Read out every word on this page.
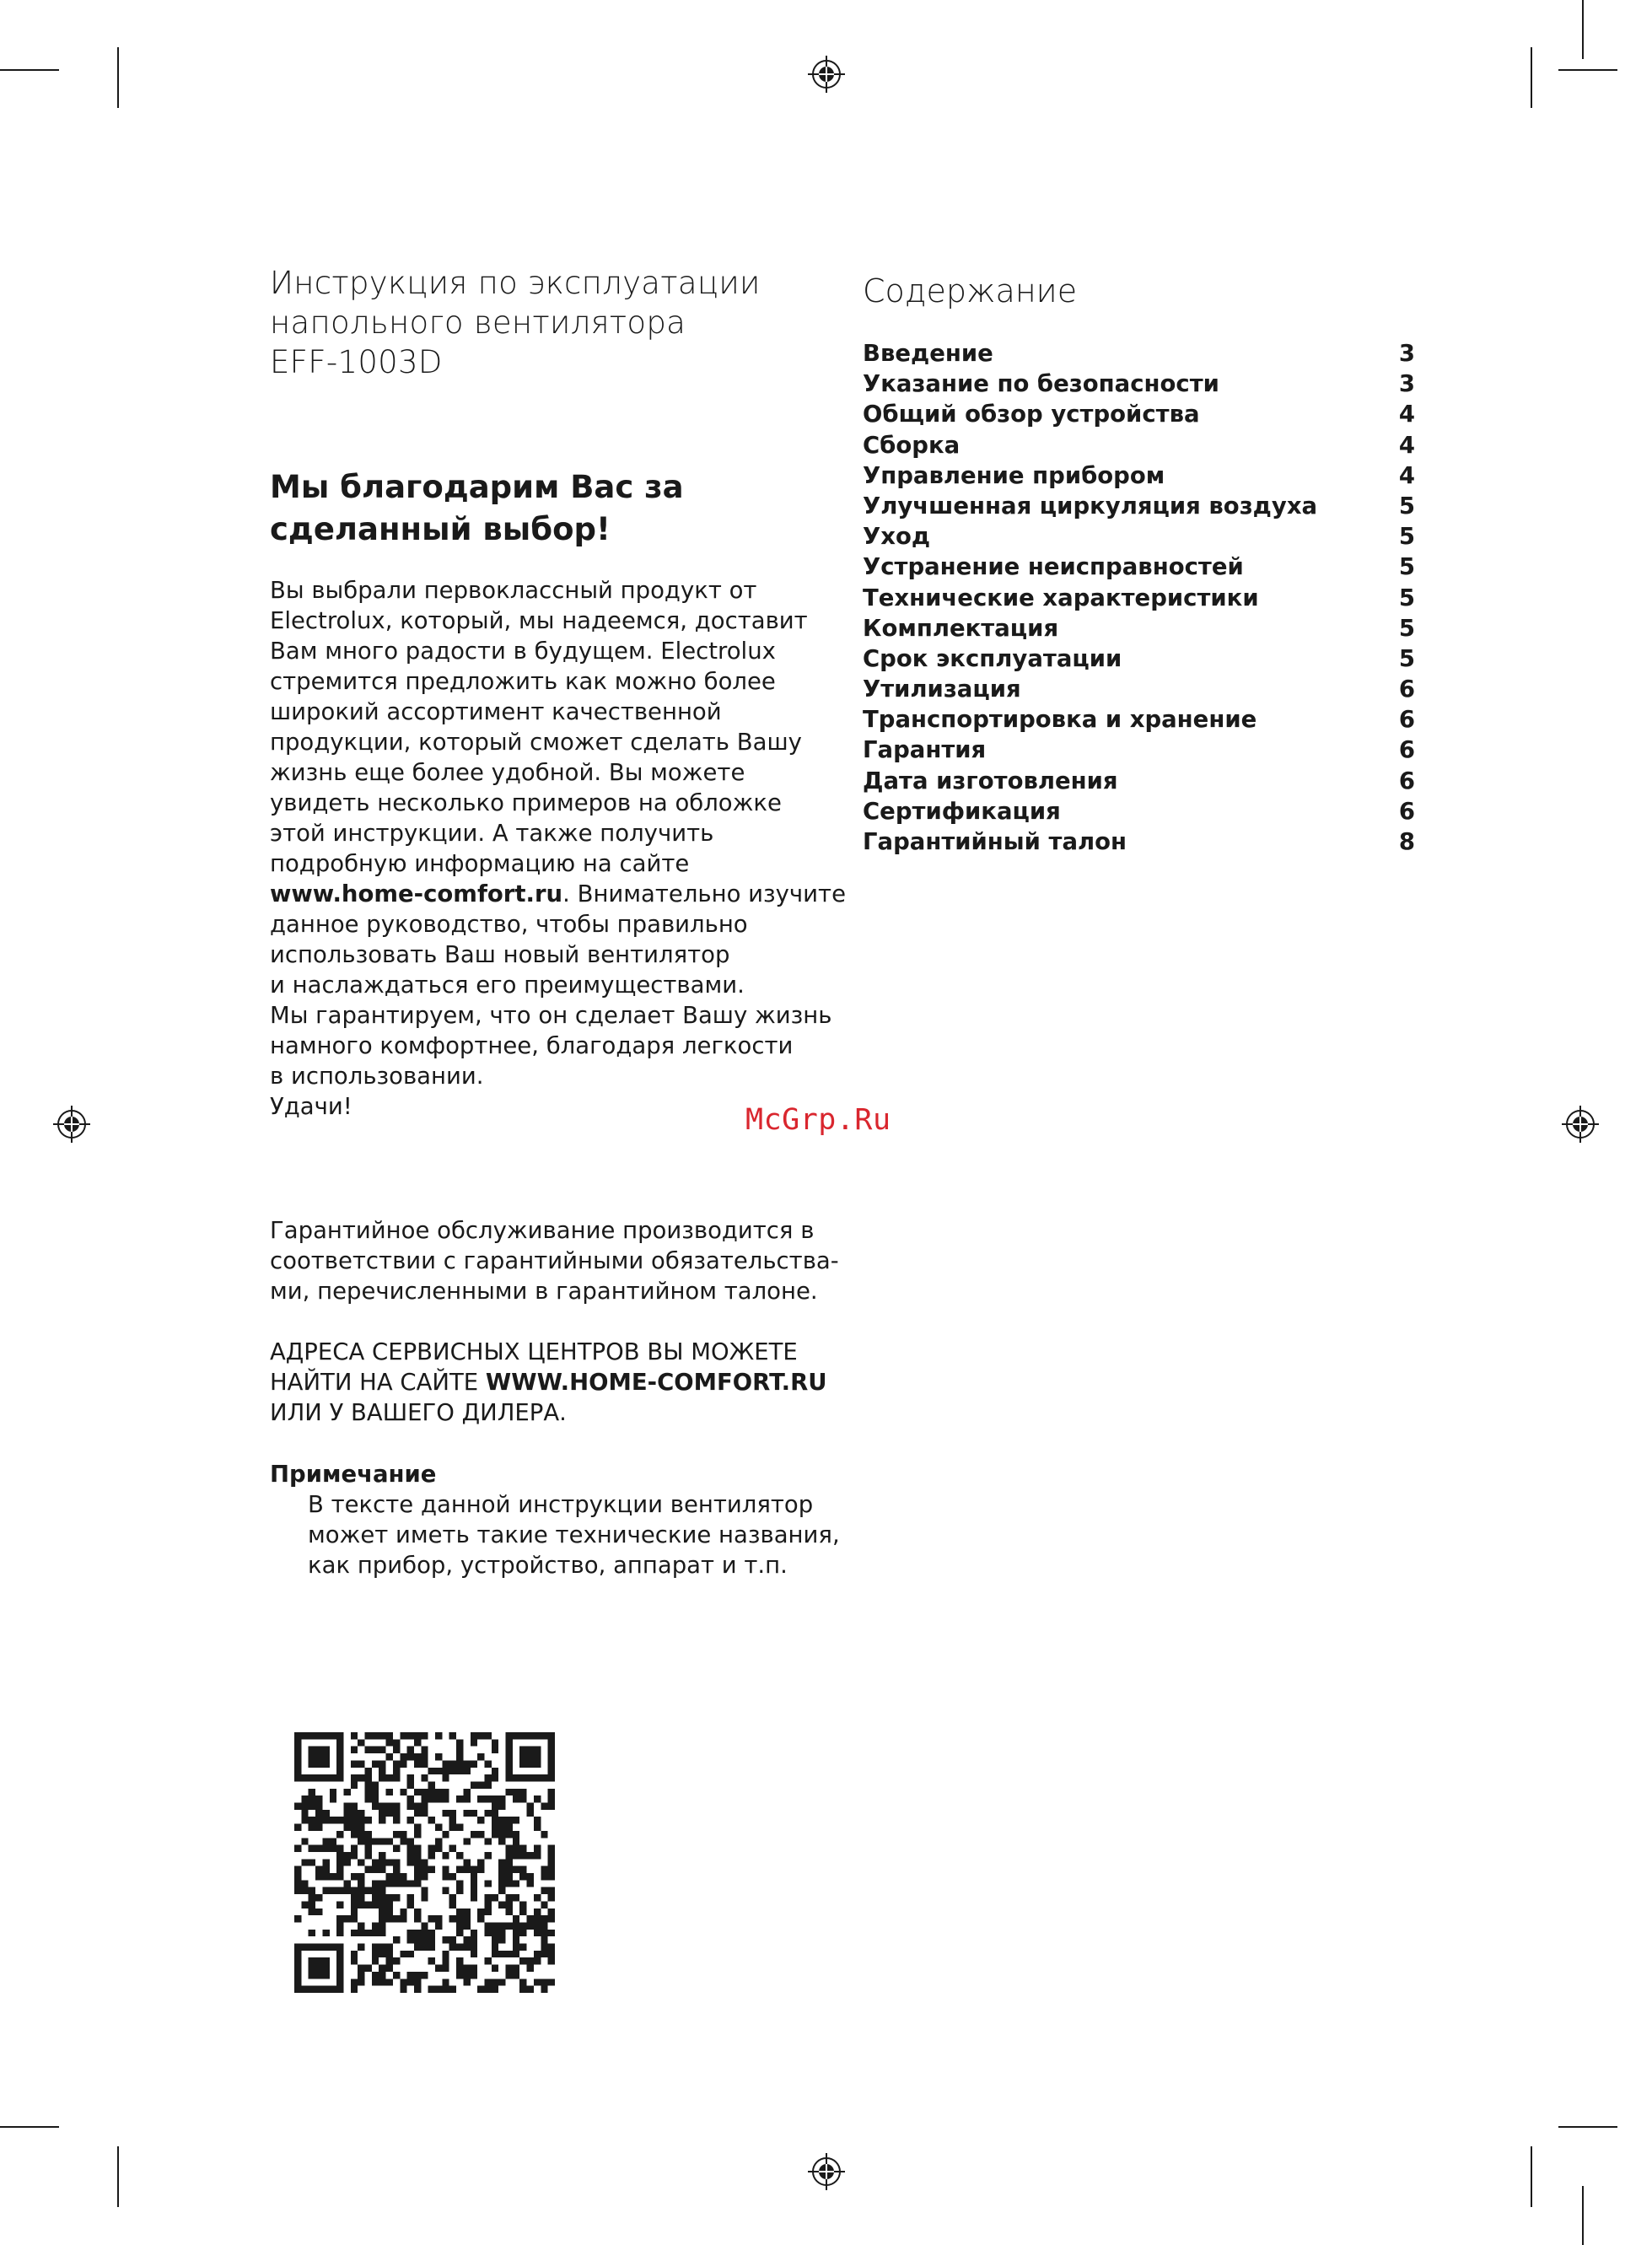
Инструкция по эксплуатации
напольного вентилятора
EFF-1003D
Мы благодарим Вас за
сделанный выбор!
Вы выбрали первоклассный продукт от
Electrolux, который, мы надеемся, доставит
Вам много радости в будущем. Electrolux
стремится предложить как можно более
широкий ассортимент качественной
продукции, который сможет сделать Вашу
жизнь еще более удобной. Вы можете
увидеть несколько примеров на обложке
этой инструкции. А также получить
подробную информацию на сайте
www.home-comfort.ru. Внимательно изучите
данное руководство, чтобы правильно
использовать Ваш новый вентилятор
и наслаждаться его преимуществами.
Мы гарантируем, что он сделает Вашу жизнь
намного комфортнее, благодаря легкости
в использовании.
Удачи!	McGrp.Ru
Гарантийное обслуживание производится в
соответствии с гарантийными обязательства-
ми, перечисленными в гарантийном талоне.
АДРЕСА СЕРВИСНЫХ ЦЕНТРОВ ВЫ МОЖЕТЕ
НАЙТИ НА САЙТЕ WWW.HOME-COMFORT.RU
ИЛИ У ВАШЕГО ДИЛЕРА.
Примечание
В тексте данной инструкции вентилятор
может иметь такие технические названия,
как прибор, устройство, аппарат и т.п.
Содержание
Введение	3
Указание по безопасности	3
Общий обзор устройства	4
Сборка	4
Управление прибором	4
Улучшенная циркуляция воздуха	5
Уход	5
Устранение неисправностей	5
Технические характеристики	5
Комплектация	5
Срок эксплуатации	5
Утилизация	6
Транспортировка и хранение	6
Гарантия	6
Дата изготовления	6
Сертификация	6
Гарантийный талон	8
